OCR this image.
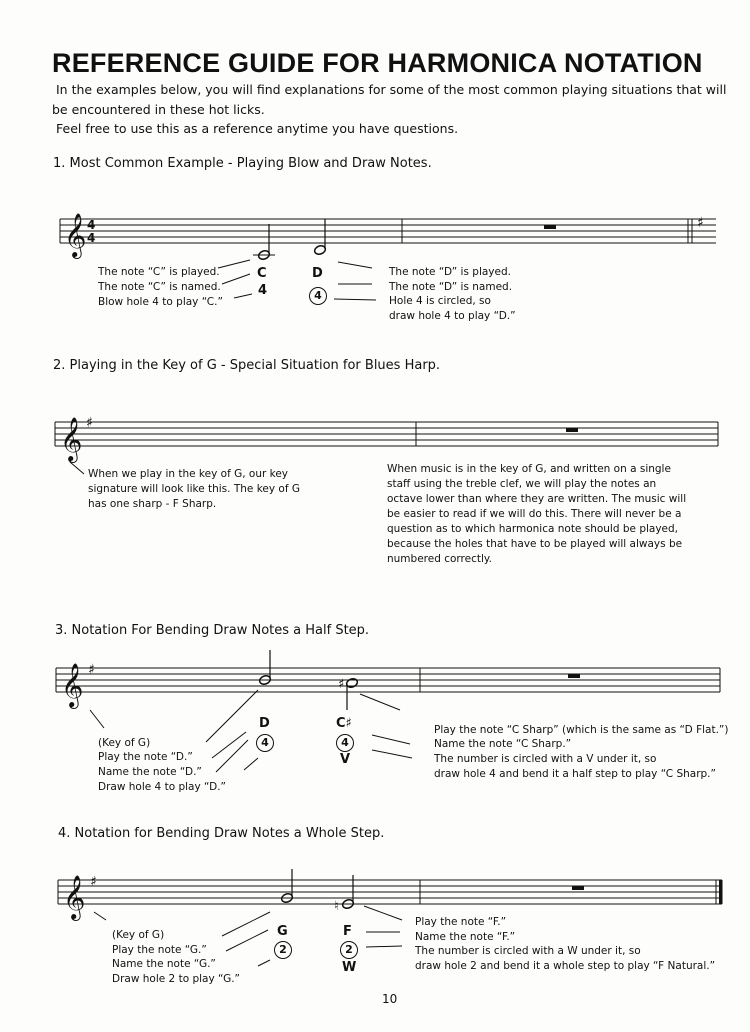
REFERENCE GUIDE FOR HARMONICA NOTATION
In the examples below, you will find explanations for some of the most common playing situations that will
be encountered in these hot licks.
Feel free to use this as a reference anytime you have questions.
1. Most Common Example - Playing Blow and Draw Notes.
𝄞 4
4
♯
The note “C” is played.
The note “C” is named.
Blow hole 4 to play “C.”
C
4
D
4
The note “D” is played.
The note “D” is named.
Hole 4 is circled, so
draw hole 4 to play “D.”
2. Playing in the Key of G - Special Situation for Blues Harp.
𝄞 ♯
When we play in the key of G, our key
signature will look like this. The key of G
has one sharp - F Sharp.
When music is in the key of G, and written on a single
staff using the treble clef, we will play the notes an
octave lower than where they are written. The music will
be easier to read if we will do this. There will never be a
question as to which harmonica note should be played,
because the holes that have to be played will always be
numbered correctly.
3. Notation For Bending Draw Notes a Half Step.
𝄞 ♯
♯
(Key of G)
Play the note “D.”
Name the note “D.”
Draw hole 4 to play “D.”
D
4
C♯
4
V
Play the note “C Sharp” (which is the same as “D Flat.”)
Name the note “C Sharp.”
The number is circled with a V under it, so
draw hole 4 and bend it a half step to play “C Sharp.”
4. Notation for Bending Draw Notes a Whole Step.
𝄞 ♯
♮
(Key of G)
Play the note “G.”
Name the note “G.”
Draw hole 2 to play “G.”
G
2
F
2
W
Play the note “F.”
Name the note “F.”
The number is circled with a W under it, so
draw hole 2 and bend it a whole step to play “F Natural.”
10
